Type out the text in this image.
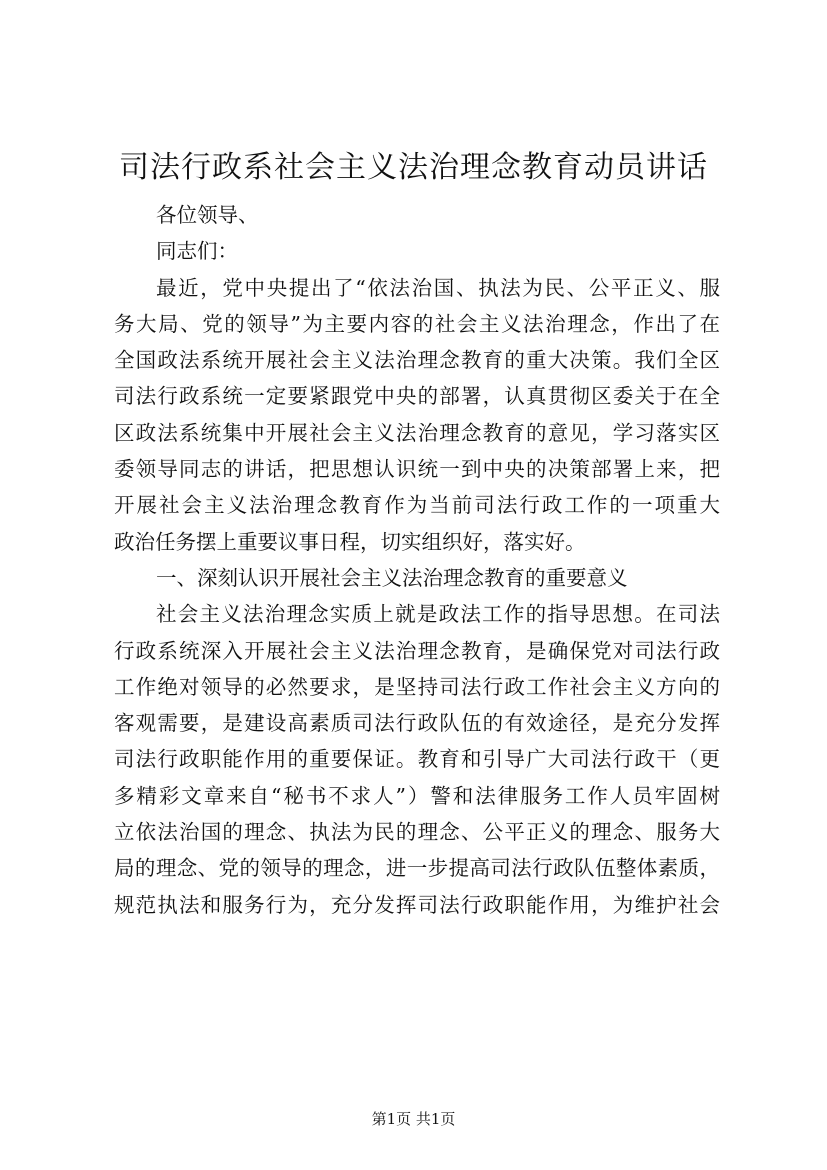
司法行政系社会主义法治理念教育动员讲话
各位领导、
同志们：
最近，党中央提出了“依法治国、执法为民、公平正义、服
务大局、党的领导”为主要内容的社会主义法治理念，作出了在
全国政法系统开展社会主义法治理念教育的重大决策。我们全区
司法行政系统一定要紧跟党中央的部署，认真贯彻区委关于在全
区政法系统集中开展社会主义法治理念教育的意见，学习落实区
委领导同志的讲话，把思想认识统一到中央的决策部署上来，把
开展社会主义法治理念教育作为当前司法行政工作的一项重大
政治任务摆上重要议事日程，切实组织好，落实好。
一、深刻认识开展社会主义法治理念教育的重要意义
社会主义法治理念实质上就是政法工作的指导思想。在司法
行政系统深入开展社会主义法治理念教育，是确保党对司法行政
工作绝对领导的必然要求，是坚持司法行政工作社会主义方向的
客观需要，是建设高素质司法行政队伍的有效途径，是充分发挥
司法行政职能作用的重要保证。教育和引导广大司法行政干（更
多精彩文章来自“秘书不求人”）警和法律服务工作人员牢固树
立依法治国的理念、执法为民的理念、公平正义的理念、服务大
局的理念、党的领导的理念，进一步提高司法行政队伍整体素质，
规范执法和服务行为，充分发挥司法行政职能作用，为维护社会
第1页 共1页
